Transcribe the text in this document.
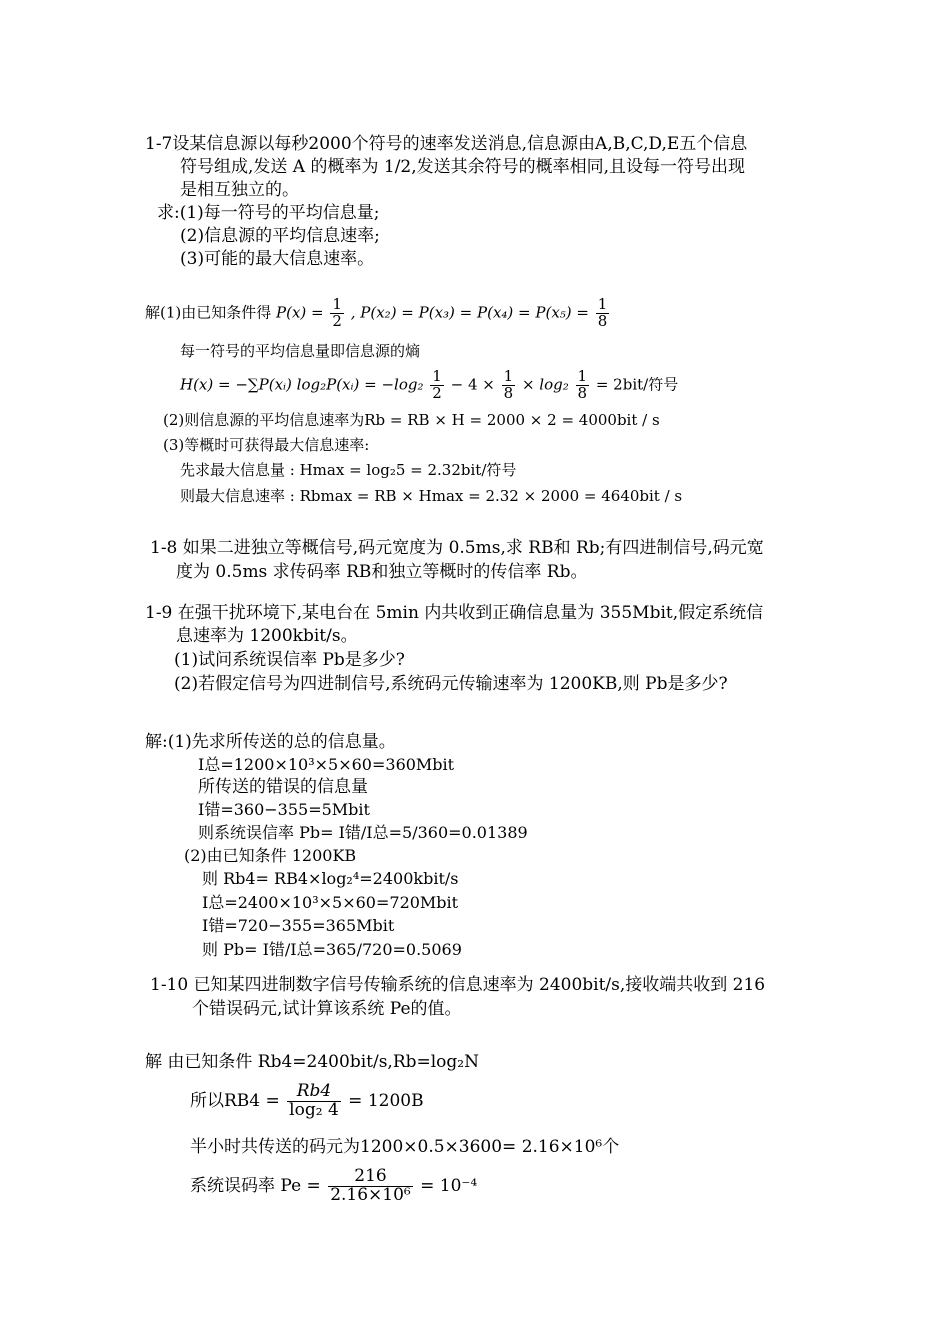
1-7设某信息源以每秒2000个符号的速率发送消息,信息源由A,B,C,D,E五个信息
符号组成,发送 A 的概率为 1/2,发送其余符号的概率相同,且设每一符号出现
是相互独立的。
求:(1)每一符号的平均信息量;
(2)信息源的平均信息速率;
(3)可能的最大信息速率。
解(1)由已知条件得 $P(x) = \frac{1}{2}$ , $P(x_2) = P(x_3) = P(x_4) = P(x_5) = \frac{1}{8}$
每一符号的平均信息量即信息源的熵
H(x) = −∑P(xᵢ) log₂P(xᵢ) = $-\log_2 \frac{1}{2} - 4 \times \frac{1}{8} \times \log_2 \frac{1}{8} = 2bit/$符号
(2)则信息源的平均信息速率为Rb = RB × H = 2000 × 2 = 4000bit / s
(3)等概时可获得最大信息速率:
先求最大信息量 : Hmax = log₂5 = 2.32bit/符号
则最大信息速率 : Rbmax = RB × Hmax = 2.32 × 2000 = 4640bit / s
1-8 如果二进独立等概信号,码元宽度为 0.5ms,求 RB和 Rb;有四进制信号,码元宽
度为 0.5ms 求传码率 RB和独立等概时的传信率 Rb。
1-9 在强干扰环境下,某电台在 5min 内共收到正确信息量为 355Mbit,假定系统信
息速率为 1200kbit/s。
(1)试问系统误信率 Pb是多少?
(2)若假定信号为四进制信号,系统码元传输速率为 1200KB,则 Pb是多少?
解:(1)先求所传送的总的信息量。
I总=1200×10³×5×60=360Mbit
所传送的错误的信息量
I错=360−355=5Mbit
则系统误信率 Pb= I错/I总=5/360=0.01389
(2)由已知条件 1200KB
则 Rb4= RB4×log₂⁴=2400kbit/s
I总=2400×10³×5×60=720Mbit
I错=720−355=365Mbit
则 Pb= I错/I总=365/720=0.5069
1-10 已知某四进制数字信号传输系统的信息速率为 2400bit/s,接收端共收到 216
个错误码元,试计算该系统 Pe的值。
解 由已知条件 Rb4=2400bit/s,Rb=log₂N
所以$RB4 = \frac{Rb4}{\text{log₂ 4}} = 1200B$
半小时共传送的码元为1200×0.5×3600= 2.16×10⁶个
系统误码率 $Pe = \frac{216}{\text{2.16×10⁶}} = 10^{-4}$
